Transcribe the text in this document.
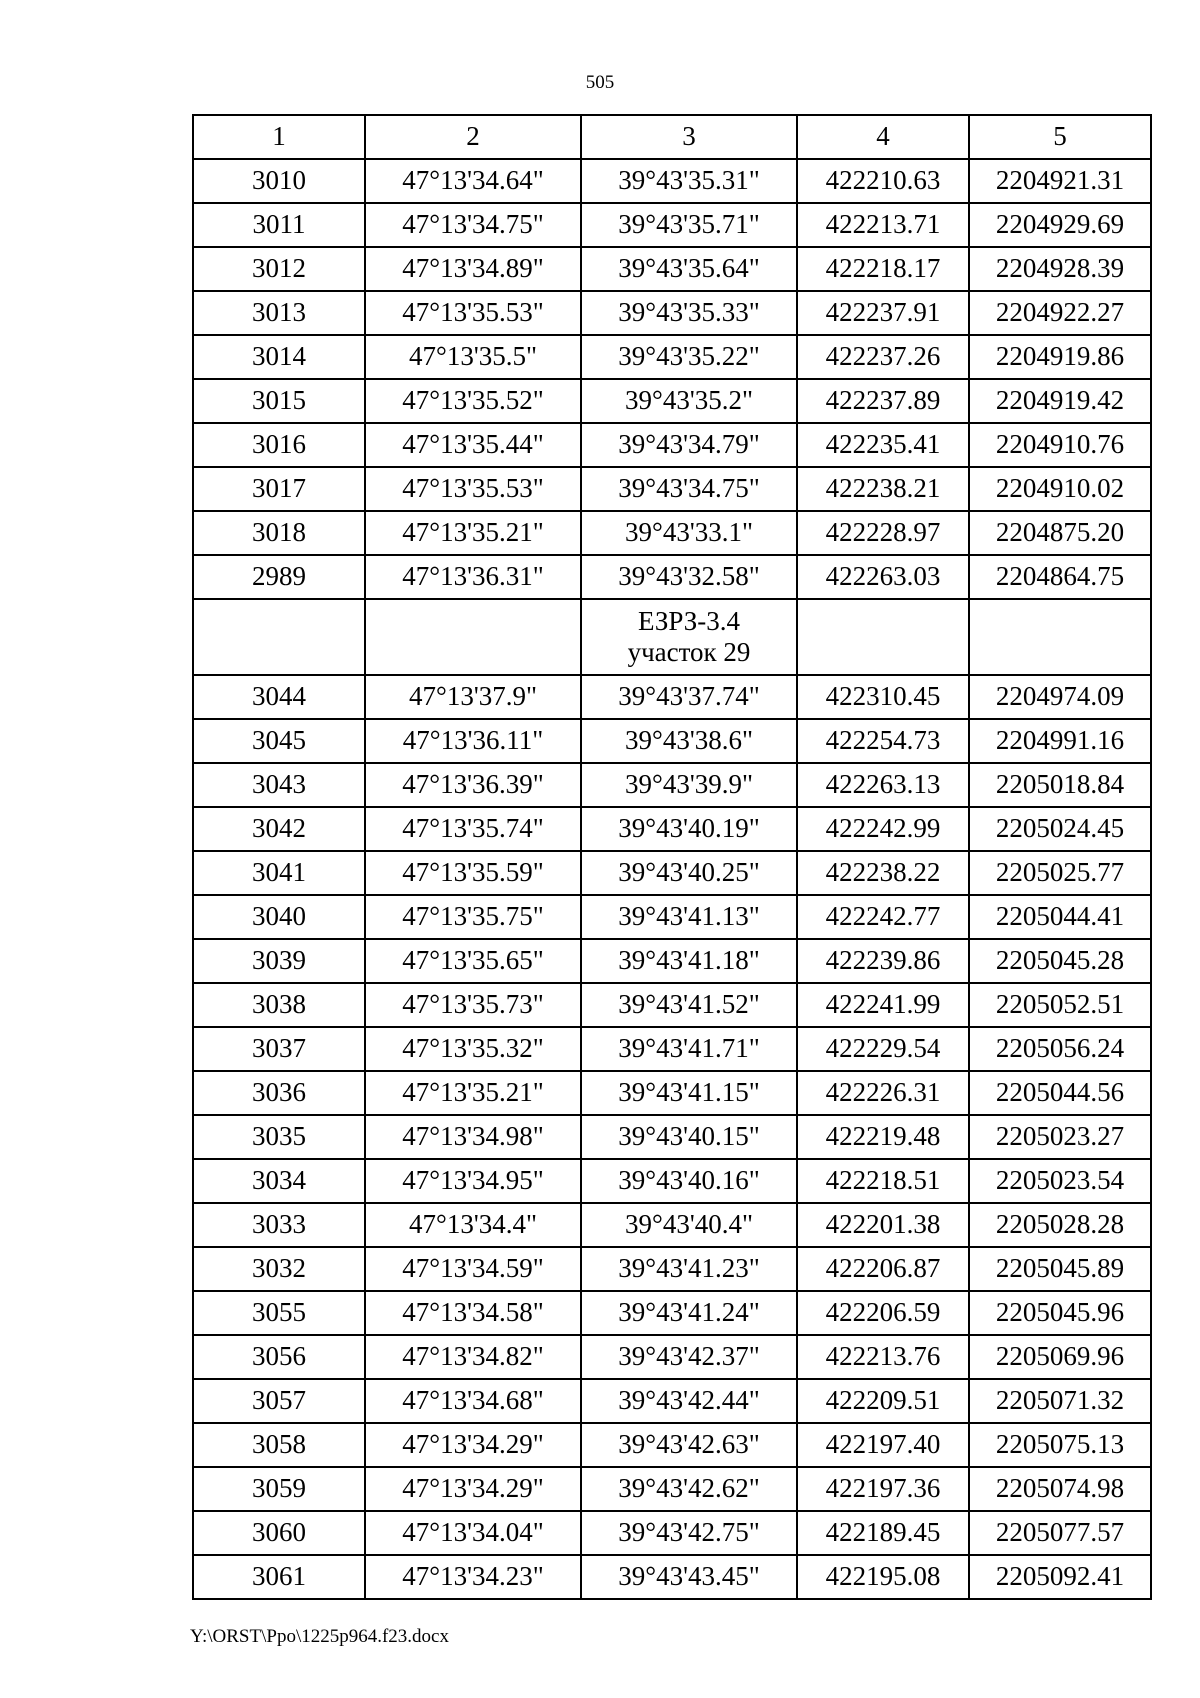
505
1	2	3	4	5
3010	47°13'34.64"	39°43'35.31"	422210.63	2204921.31
3011	47°13'34.75"	39°43'35.71"	422213.71	2204929.69
3012	47°13'34.89"	39°43'35.64"	422218.17	2204928.39
3013	47°13'35.53"	39°43'35.33"	422237.91	2204922.27
3014	47°13'35.5"	39°43'35.22"	422237.26	2204919.86
3015	47°13'35.52"	39°43'35.2"	422237.89	2204919.42
3016	47°13'35.44"	39°43'34.79"	422235.41	2204910.76
3017	47°13'35.53"	39°43'34.75"	422238.21	2204910.02
3018	47°13'35.21"	39°43'33.1"	422228.97	2204875.20
2989	47°13'36.31"	39°43'32.58"	422263.03	2204864.75

		ЕЗРЗ-3.4
участок 29		

3044	47°13'37.9"	39°43'37.74"	422310.45	2204974.09
3045	47°13'36.11"	39°43'38.6"	422254.73	2204991.16
3043	47°13'36.39"	39°43'39.9"	422263.13	2205018.84
3042	47°13'35.74"	39°43'40.19"	422242.99	2205024.45
3041	47°13'35.59"	39°43'40.25"	422238.22	2205025.77
3040	47°13'35.75"	39°43'41.13"	422242.77	2205044.41
3039	47°13'35.65"	39°43'41.18"	422239.86	2205045.28
3038	47°13'35.73"	39°43'41.52"	422241.99	2205052.51
3037	47°13'35.32"	39°43'41.71"	422229.54	2205056.24
3036	47°13'35.21"	39°43'41.15"	422226.31	2205044.56
3035	47°13'34.98"	39°43'40.15"	422219.48	2205023.27
3034	47°13'34.95"	39°43'40.16"	422218.51	2205023.54
3033	47°13'34.4"	39°43'40.4"	422201.38	2205028.28
3032	47°13'34.59"	39°43'41.23"	422206.87	2205045.89
3055	47°13'34.58"	39°43'41.24"	422206.59	2205045.96
3056	47°13'34.82"	39°43'42.37"	422213.76	2205069.96
3057	47°13'34.68"	39°43'42.44"	422209.51	2205071.32
3058	47°13'34.29"	39°43'42.63"	422197.40	2205075.13
3059	47°13'34.29"	39°43'42.62"	422197.36	2205074.98
3060	47°13'34.04"	39°43'42.75"	422189.45	2205077.57
3061	47°13'34.23"	39°43'43.45"	422195.08	2205092.41
Y:\ORST\Ppo\1225p964.f23.docx
